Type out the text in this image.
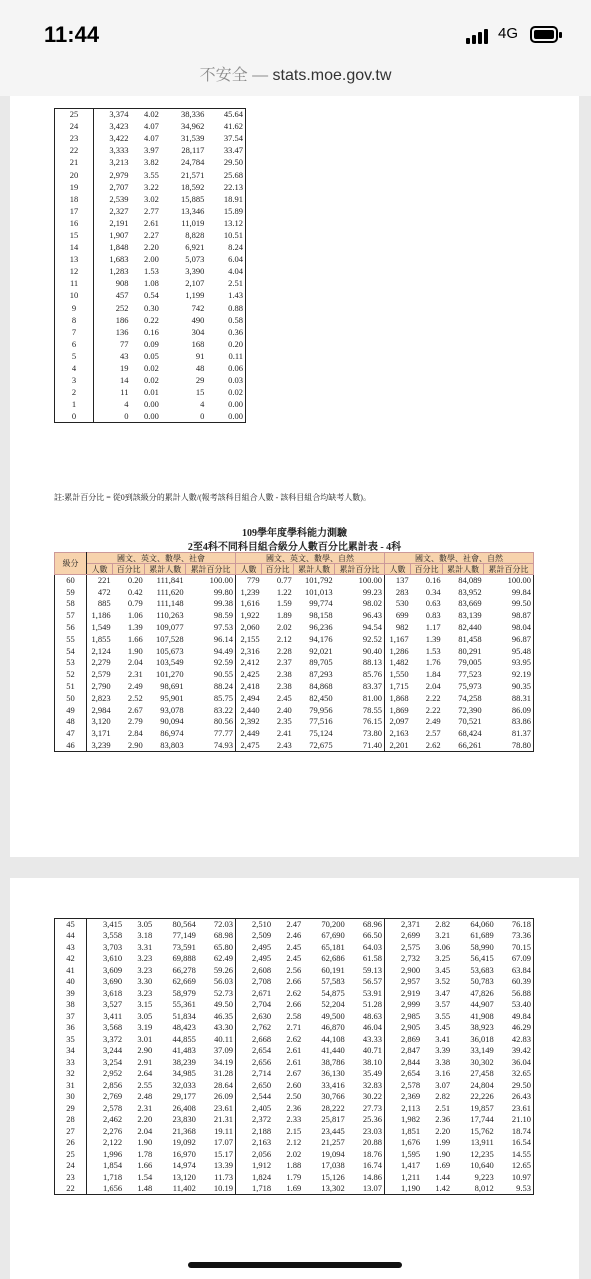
11:44	4G
不安全 — stats.moe.gov.tw
25	3,374	4.02	38,336	45.64
24	3,423	4.07	34,962	41.62
23	3,422	4.07	31,539	37.54
22	3,333	3.97	28,117	33.47
21	3,213	3.82	24,784	29.50
20	2,979	3.55	21,571	25.68
19	2,707	3.22	18,592	22.13
18	2,539	3.02	15,885	18.91
17	2,327	2.77	13,346	15.89
16	2,191	2.61	11,019	13.12
15	1,907	2.27	8,828	10.51
14	1,848	2.20	6,921	8.24
13	1,683	2.00	5,073	6.04
12	1,283	1.53	3,390	4.04
11	908	1.08	2,107	2.51
10	457	0.54	1,199	1.43
9	252	0.30	742	0.88
8	186	0.22	490	0.58
7	136	0.16	304	0.36
6	77	0.09	168	0.20
5	43	0.05	91	0.11
4	19	0.02	48	0.06
3	14	0.02	29	0.03
2	11	0.01	15	0.02
1	4	0.00	4	0.00
0	0	0.00	0	0.00
註:累計百分比 = 從0到該級分的累計人數/(報考該科目組合人數 - 該科目組合均缺考人數)。
109學年度學科能力測驗
2至4科不同科目組合級分人數百分比累計表 - 4科
級分	國文、英文、數學、社會				國文、英文、數學、自然				國文、數學、社會、自然			
	人數	百分比	累計人數	累計百分比	人數	百分比	累計人數	累計百分比	人數	百分比	累計人數	累計百分比
60	221	0.20	111,841	100.00	779	0.77	101,792	100.00	137	0.16	84,089	100.00
59	472	0.42	111,620	99.80	1,239	1.22	101,013	99.23	283	0.34	83,952	99.84
58	885	0.79	111,148	99.38	1,616	1.59	99,774	98.02	530	0.63	83,669	99.50
57	1,186	1.06	110,263	98.59	1,922	1.89	98,158	96.43	699	0.83	83,139	98.87
56	1,549	1.39	109,077	97.53	2,060	2.02	96,236	94.54	982	1.17	82,440	98.04
55	1,855	1.66	107,528	96.14	2,155	2.12	94,176	92.52	1,167	1.39	81,458	96.87
54	2,124	1.90	105,673	94.49	2,316	2.28	92,021	90.40	1,286	1.53	80,291	95.48
53	2,279	2.04	103,549	92.59	2,412	2.37	89,705	88.13	1,482	1.76	79,005	93.95
52	2,579	2.31	101,270	90.55	2,425	2.38	87,293	85.76	1,550	1.84	77,523	92.19
51	2,790	2.49	98,691	88.24	2,418	2.38	84,868	83.37	1,715	2.04	75,973	90.35
50	2,823	2.52	95,901	85.75	2,494	2.45	82,450	81.00	1,868	2.22	74,258	88.31
49	2,984	2.67	93,078	83.22	2,440	2.40	79,956	78.55	1,869	2.22	72,390	86.09
48	3,120	2.79	90,094	80.56	2,392	2.35	77,516	76.15	2,097	2.49	70,521	83.86
47	3,171	2.84	86,974	77.77	2,449	2.41	75,124	73.80	2,163	2.57	68,424	81.37
46	3,239	2.90	83,803	74.93	2,475	2.43	72,675	71.40	2,201	2.62	66,261	78.80
45	3,415	3.05	80,564	72.03	2,510	2.47	70,200	68.96	2,371	2.82	64,060	76.18
44	3,558	3.18	77,149	68.98	2,509	2.46	67,690	66.50	2,699	3.21	61,689	73.36
43	3,703	3.31	73,591	65.80	2,495	2.45	65,181	64.03	2,575	3.06	58,990	70.15
42	3,610	3.23	69,888	62.49	2,495	2.45	62,686	61.58	2,732	3.25	56,415	67.09
41	3,609	3.23	66,278	59.26	2,608	2.56	60,191	59.13	2,900	3.45	53,683	63.84
40	3,690	3.30	62,669	56.03	2,708	2.66	57,583	56.57	2,957	3.52	50,783	60.39
39	3,618	3.23	58,979	52.73	2,671	2.62	54,875	53.91	2,919	3.47	47,826	56.88
38	3,527	3.15	55,361	49.50	2,704	2.66	52,204	51.28	2,999	3.57	44,907	53.40
37	3,411	3.05	51,834	46.35	2,630	2.58	49,500	48.63	2,985	3.55	41,908	49.84
36	3,568	3.19	48,423	43.30	2,762	2.71	46,870	46.04	2,905	3.45	38,923	46.29
35	3,372	3.01	44,855	40.11	2,668	2.62	44,108	43.33	2,869	3.41	36,018	42.83
34	3,244	2.90	41,483	37.09	2,654	2.61	41,440	40.71	2,847	3.39	33,149	39.42
33	3,254	2.91	38,239	34.19	2,656	2.61	38,786	38.10	2,844	3.38	30,302	36.04
32	2,952	2.64	34,985	31.28	2,714	2.67	36,130	35.49	2,654	3.16	27,458	32.65
31	2,856	2.55	32,033	28.64	2,650	2.60	33,416	32.83	2,578	3.07	24,804	29.50
30	2,769	2.48	29,177	26.09	2,544	2.50	30,766	30.22	2,369	2.82	22,226	26.43
29	2,578	2.31	26,408	23.61	2,405	2.36	28,222	27.73	2,113	2.51	19,857	23.61
28	2,462	2.20	23,830	21.31	2,372	2.33	25,817	25.36	1,982	2.36	17,744	21.10
27	2,276	2.04	21,368	19.11	2,188	2.15	23,445	23.03	1,851	2.20	15,762	18.74
26	2,122	1.90	19,092	17.07	2,163	2.12	21,257	20.88	1,676	1.99	13,911	16.54
25	1,996	1.78	16,970	15.17	2,056	2.02	19,094	18.76	1,595	1.90	12,235	14.55
24	1,854	1.66	14,974	13.39	1,912	1.88	17,038	16.74	1,417	1.69	10,640	12.65
23	1,718	1.54	13,120	11.73	1,824	1.79	15,126	14.86	1,211	1.44	9,223	10.97
22	1,656	1.48	11,402	10.19	1,718	1.69	13,302	13.07	1,190	1.42	8,012	9.53
